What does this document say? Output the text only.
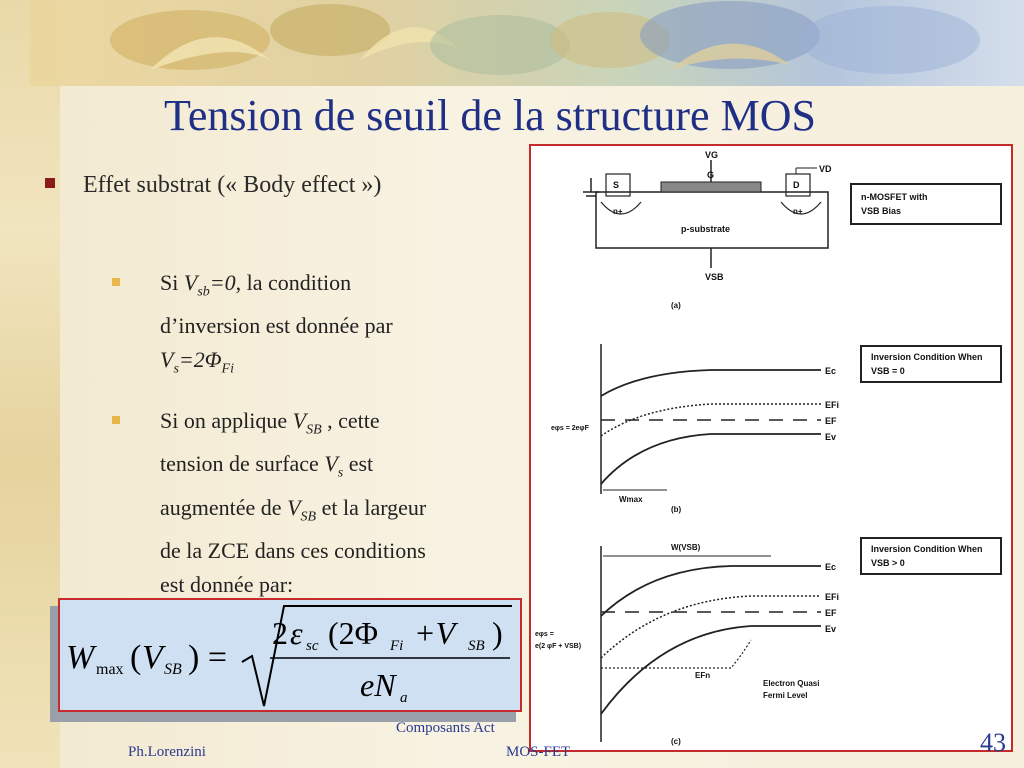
Tension de seuil de la structure MOS
Effet substrat (« Body effect »)
Si $V_{sb}=0$, la condition
d’inversion est donnée par
$V_s=2\Phi_{Fi}$
Si on applique $V_{SB}$ , cette
tension de surface $V_s$ est
augmentée de $V_{SB}$ et la largeur
de la ZCE dans ces conditions
est donnée par:
W max ( V SB ) =
2 ε sc (2Φ Fi +V SB )
eN a
S	D
VG
G
VD
n+	n+
p-substrate
VSB
(a)
n-MOSFET with
VSB Bias
Ec
EFi
EF
Ev
eφs = 2eφF
Wmax
(b)
Inversion Condition When
VSB = 0
W(VSB)
Ec
EFi
EF
Ev
EFn
eφs =
e(2 φF + VSB)
Electron Quasi
Fermi Level
(c)
Inversion Condition When
VSB > 0
Ph.Lorenzini
Composants Act
MOS-FET	43
